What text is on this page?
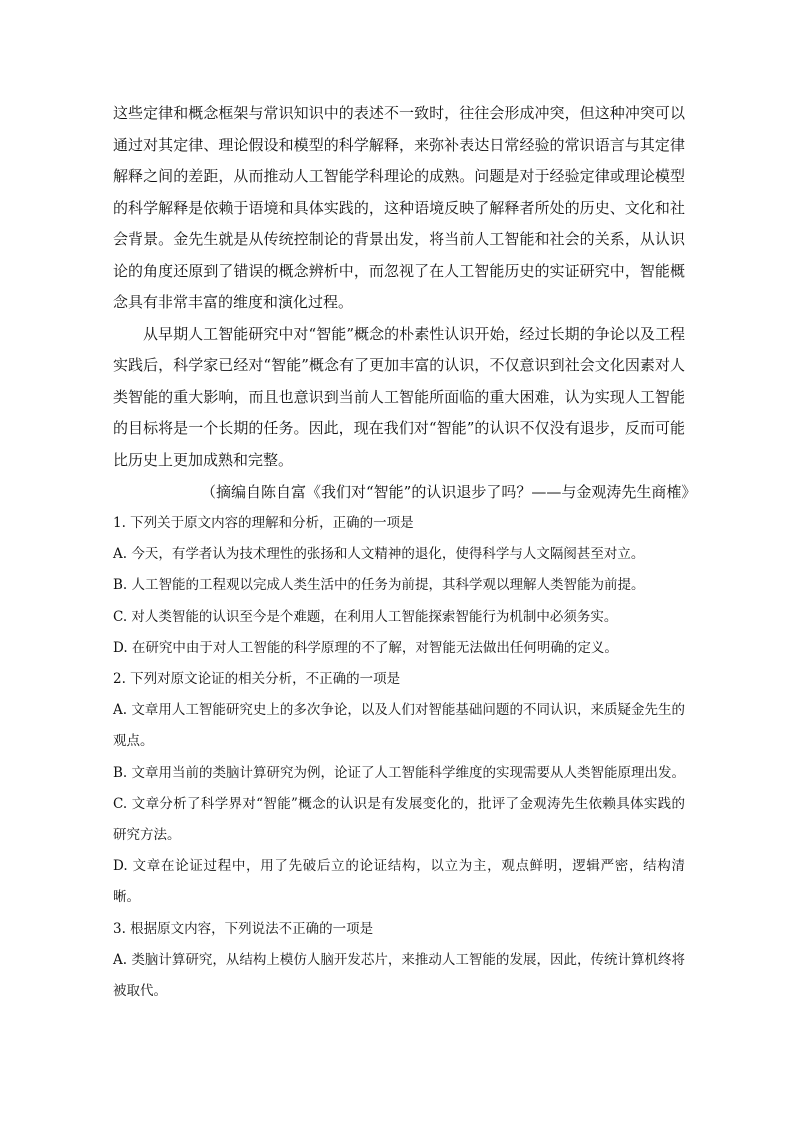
这些定律和概念框架与常识知识中的表述不一致时，往往会形成冲突，但这种冲突可以通过对其定律、理论假设和模型的科学解释，来弥补表达日常经验的常识语言与其定律解释之间的差距，从而推动人工智能学科理论的成熟。问题是对于经验定律或理论模型的科学解释是依赖于语境和具体实践的，这种语境反映了解释者所处的历史、文化和社会背景。金先生就是从传统控制论的背景出发，将当前人工智能和社会的关系，从认识论的角度还原到了错误的概念辨析中，而忽视了在人工智能历史的实证研究中，智能概念具有非常丰富的维度和演化过程。

从早期人工智能研究中对“智能”概念的朴素性认识开始，经过长期的争论以及工程实践后，科学家已经对“智能”概念有了更加丰富的认识，不仅意识到社会文化因素对人类智能的重大影响，而且也意识到当前人工智能所面临的重大困难，认为实现人工智能的目标将是一个长期的任务。因此，现在我们对“智能”的认识不仅没有退步，反而可能比历史上更加成熟和完整。

（摘编自陈自富《我们对“智能”的认识退步了吗？——与金观涛先生商榷》

1. 下列关于原文内容的理解和分析，正确的一项是

A. 今天，有学者认为技术理性的张扬和人文精神的退化，使得科学与人文隔阂甚至对立。

B. 人工智能的工程观以完成人类生活中的任务为前提，其科学观以理解人类智能为前提。

C. 对人类智能的认识至今是个难题，在利用人工智能探索智能行为机制中必须务实。

D. 在研究中由于对人工智能的科学原理的不了解，对智能无法做出任何明确的定义。

2. 下列对原文论证的相关分析，不正确的一项是

A. 文章用人工智能研究史上的多次争论，以及人们对智能基础问题的不同认识，来质疑金先生的观点。

B. 文章用当前的类脑计算研究为例，论证了人工智能科学维度的实现需要从人类智能原理出发。

C. 文章分析了科学界对“智能”概念的认识是有发展变化的，批评了金观涛先生依赖具体实践的研究方法。

D. 文章在论证过程中，用了先破后立的论证结构，以立为主，观点鲜明，逻辑严密，结构清晰。

3. 根据原文内容，下列说法不正确的一项是

A. 类脑计算研究，从结构上模仿人脑开发芯片，来推动人工智能的发展，因此，传统计算机终将被取代。
